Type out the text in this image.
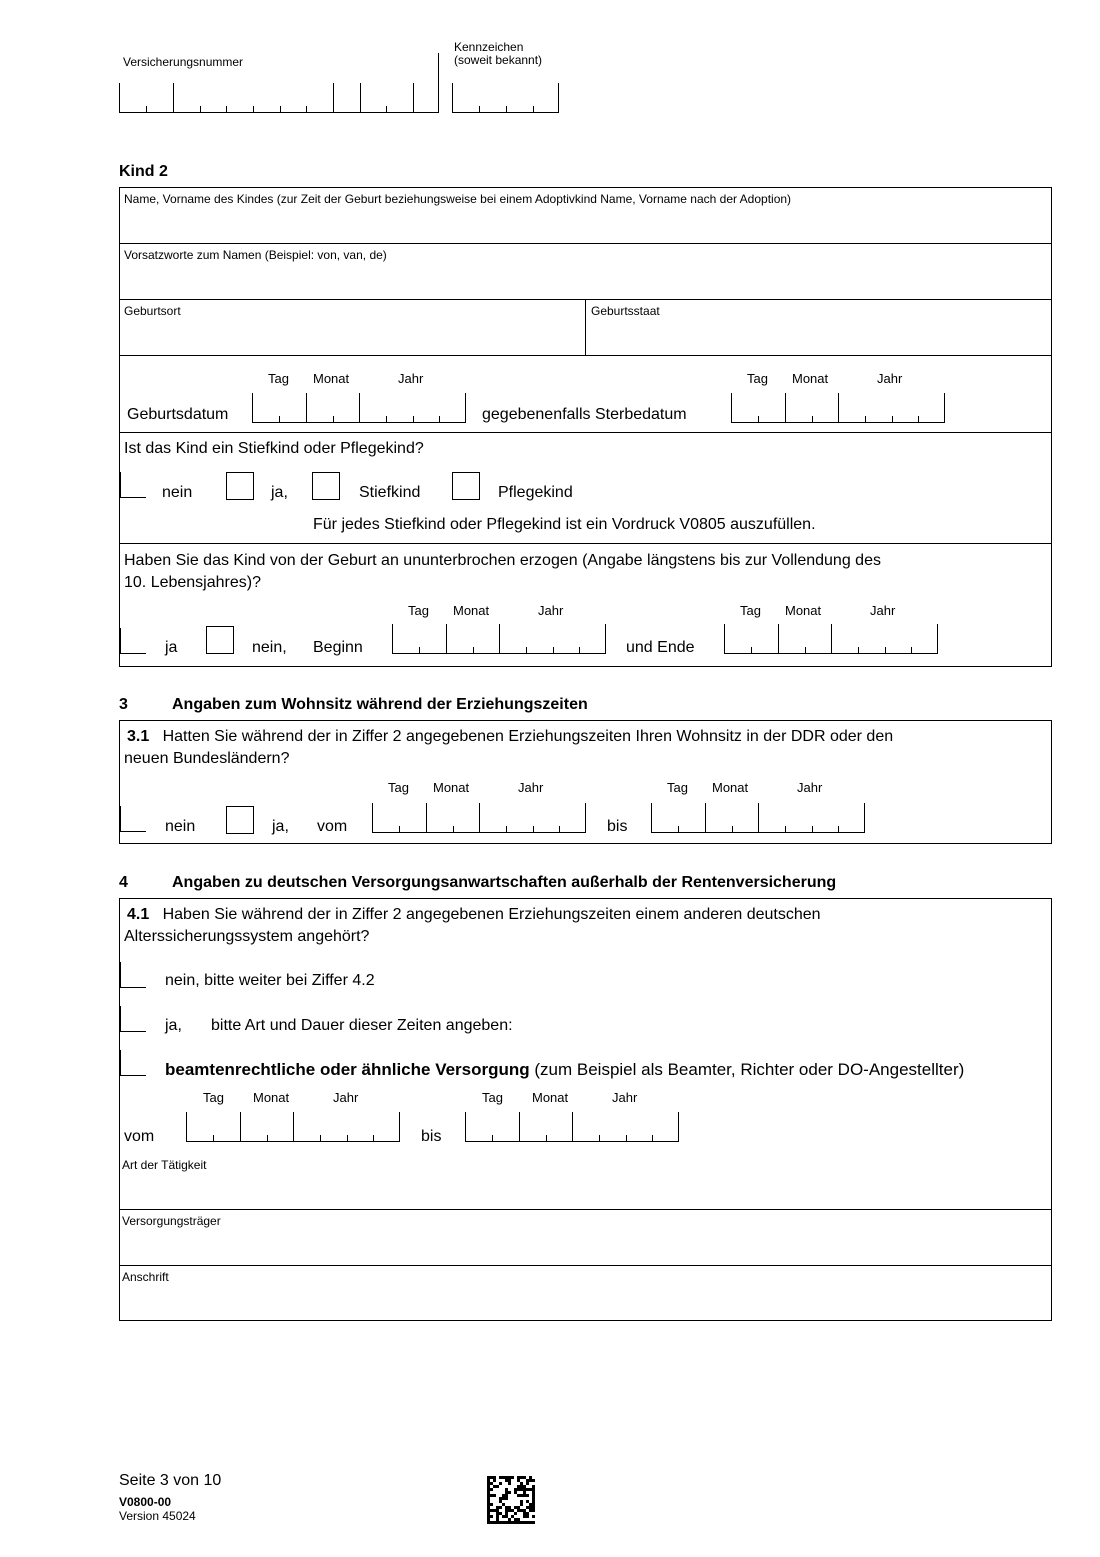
Versicherungsnummer
Kennzeichen
(soweit bekannt)
Kind 2
Name, Vorname des Kindes (zur Zeit der Geburt beziehungsweise bei einem Adoptivkind Name, Vorname nach der Adoption)
Vorsatzworte zum Namen (Beispiel: von, van, de)
Geburtsort	Geburtsstaat
Tag Monat	Jahr
Geburtsdatum	gegebenenfalls Sterbedatum
Tag Monat	Jahr
Ist das Kind ein Stiefkind oder Pflegekind?
nein	ja,	Stiefkind	Pflegekind
Für jedes Stiefkind oder Pflegekind ist ein Vordruck V0805 auszufüllen.
Haben Sie das Kind von der Geburt an ununterbrochen erzogen (Angabe längstens bis zur Vollendung des
10. Lebensjahres)?
ja	nein, Beginn
Tag Monat	Jahr
und Ende
Tag Monat	Jahr
3	Angaben zum Wohnsitz während der Erziehungszeiten
3.1 Hatten Sie während der in Ziffer 2 angegebenen Erziehungszeiten Ihren Wohnsitz in der DDR oder den
neuen Bundesländern?
nein	ja, vom
Tag Monat	Jahr
bis
Tag Monat	Jahr
4	Angaben zu deutschen Versorgungsanwartschaften außerhalb der Rentenversicherung
4.1 Haben Sie während der in Ziffer 2 angegebenen Erziehungszeiten einem anderen deutschen
Alterssicherungssystem angehört?
nein, bitte weiter bei Ziffer 4.2
ja, bitte Art und Dauer dieser Zeiten angeben:
beamtenrechtliche oder ähnliche Versorgung (zum Beispiel als Beamter, Richter oder DO-Angestellter)
Tag Monat	Jahr
vom	bis
Tag Monat	Jahr
Art der Tätigkeit
Versorgungsträger
Anschrift
Seite 3 von 10
V0800-00
Version 45024
